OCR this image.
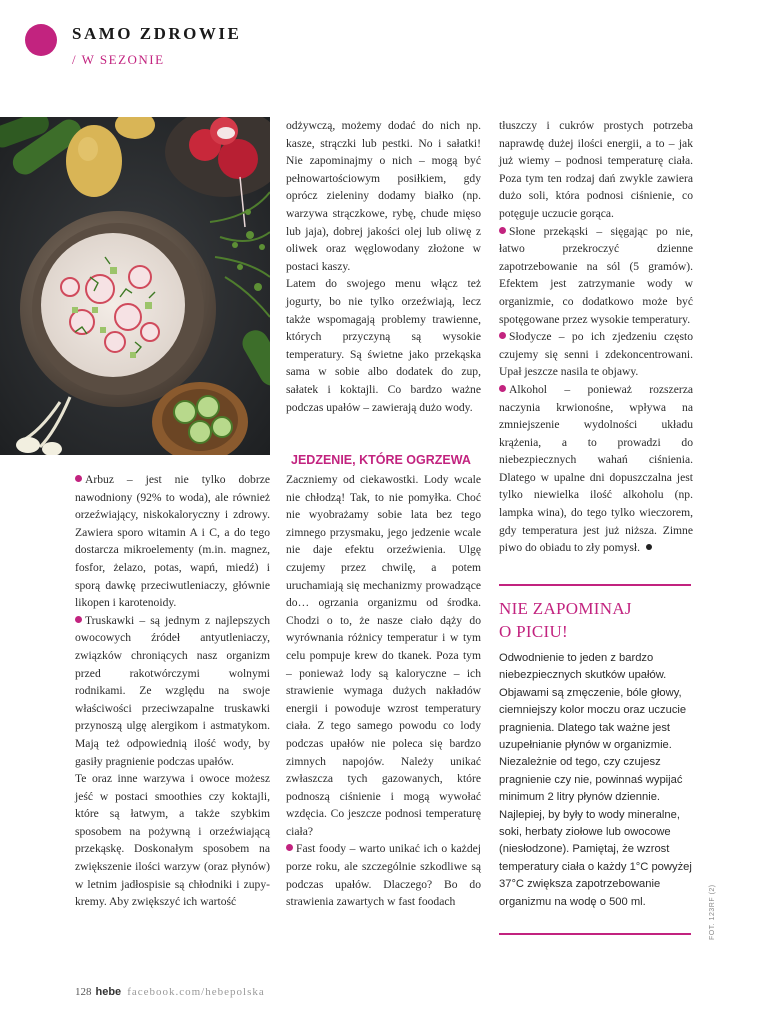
SAMO ZDROWIE
/ W SEZONIE

Arbuz – jest nie tylko dobrze nawodniony (92% to woda), ale również orzeźwiający, niskokaloryczny i zdrowy. Zawiera sporo witamin A i C, a do tego dostarcza mikroelementy (m.in. magnez, fosfor, żelazo, potas, wapń, miedź) i sporą dawkę przeciwutleniaczy, głównie likopen i karotenoidy.

Truskawki – są jednym z najlepszych owocowych źródeł antyutleniaczy, związków chroniących nasz organizm przed rakotwórczymi wolnymi rodnikami. Ze względu na swoje właściwości przeciwzapalne truskawki przynoszą ulgę alergikom i astmatykom. Mają też odpowiednią ilość wody, by gasiły pragnienie podczas upałów.

Te oraz inne warzywa i owoce możesz jeść w postaci smoothies czy koktajli, które są łatwym, a także szybkim sposobem na pożywną i orzeźwiającą przekąskę. Doskonałym sposobem na zwiększenie ilości warzyw (oraz płynów) w letnim jadłospisie są chłodniki i zupy-kremy. Aby zwiększyć ich wartość

odżywczą, możemy dodać do nich np. kasze, strączki lub pestki. No i sałatki! Nie zapominajmy o nich – mogą być pełnowartościowym posiłkiem, gdy oprócz zieleniny dodamy białko (np. warzywa strączkowe, rybę, chude mięso lub jaja), dobrej jakości olej lub oliwę z oliwek oraz węglowodany złożone w postaci kaszy.

Latem do swojego menu włącz też jogurty, bo nie tylko orzeźwiają, lecz także wspomagają problemy trawienne, których przyczyną są wysokie temperatury. Są świetne jako przekąska sama w sobie albo dodatek do zup, sałatek i koktajli. Co bardzo ważne podczas upałów – zawierają dużo wody.

JEDZENIE, KTÓRE OGRZEWA

Zaczniemy od ciekawostki. Lody wcale nie chłodzą! Tak, to nie pomyłka. Choć nie wyobrażamy sobie lata bez tego zimnego przysmaku, jego jedzenie wcale nie daje efektu orzeźwienia. Ulgę czujemy przez chwilę, a potem uruchamiają się mechanizmy prowadzące do… ogrzania organizmu od środka. Chodzi o to, że nasze ciało dąży do wyrównania różnicy temperatur i w tym celu pompuje krew do tkanek. Poza tym – ponieważ lody są kaloryczne – ich strawienie wymaga dużych nakładów energii i powoduje wzrost temperatury ciała. Z tego samego powodu co lody podczas upałów nie poleca się bardzo zimnych napojów. Należy unikać zwłaszcza tych gazowanych, które podnoszą ciśnienie i mogą wywołać wzdęcia. Co jeszcze podnosi temperaturę ciała?

Fast foody – warto unikać ich o każdej porze roku, ale szczególnie szkodliwe są podczas upałów. Dlaczego? Bo do strawienia zawartych w fast foodach

tłuszczy i cukrów prostych potrzeba naprawdę dużej ilości energii, a to – jak już wiemy – podnosi temperaturę ciała. Poza tym ten rodzaj dań zwykle zawiera dużo soli, która podnosi ciśnienie, co potęguje uczucie gorąca.

Słone przekąski – sięgając po nie, łatwo przekroczyć dzienne zapotrzebowanie na sól (5 gramów). Efektem jest zatrzymanie wody w organizmie, co dodatkowo może być spotęgowane przez wysokie temperatury.

Słodycze – po ich zjedzeniu często czujemy się senni i zdekoncentrowani. Upał jeszcze nasila te objawy.

Alkohol – ponieważ rozszerza naczynia krwionośne, wpływa na zmniejszenie wydolności układu krążenia, a to prowadzi do niebezpiecznych wahań ciśnienia. Dlatego w upalne dni dopuszczalna jest tylko niewielka ilość alkoholu (np. lampka wina), do tego tylko wieczorem, gdy temperatura jest już niższa. Zimne piwo do obiadu to zły pomysł.

NIE ZAPOMINAJ
O PICIU!
Odwodnienie to jeden z bardzo niebezpiecznych skutków upałów. Objawami są zmęczenie, bóle głowy, ciemniejszy kolor moczu oraz uczucie pragnienia. Dlatego tak ważne jest uzupełnianie płynów w organizmie. Niezależnie od tego, czy czujesz pragnienie czy nie, powinnaś wypijać minimum 2 litry płynów dziennie. Najlepiej, by były to wody mineralne, soki, herbaty ziołowe lub owocowe (niesłodzone). Pamiętaj, że wzrost temperatury ciała o każdy 1°C powyżej 37°C zwiększa zapotrzebowanie organizmu na wodę o 500 ml.	FOT. 123RF (2)
128 hebe facebook.com/hebepolska
